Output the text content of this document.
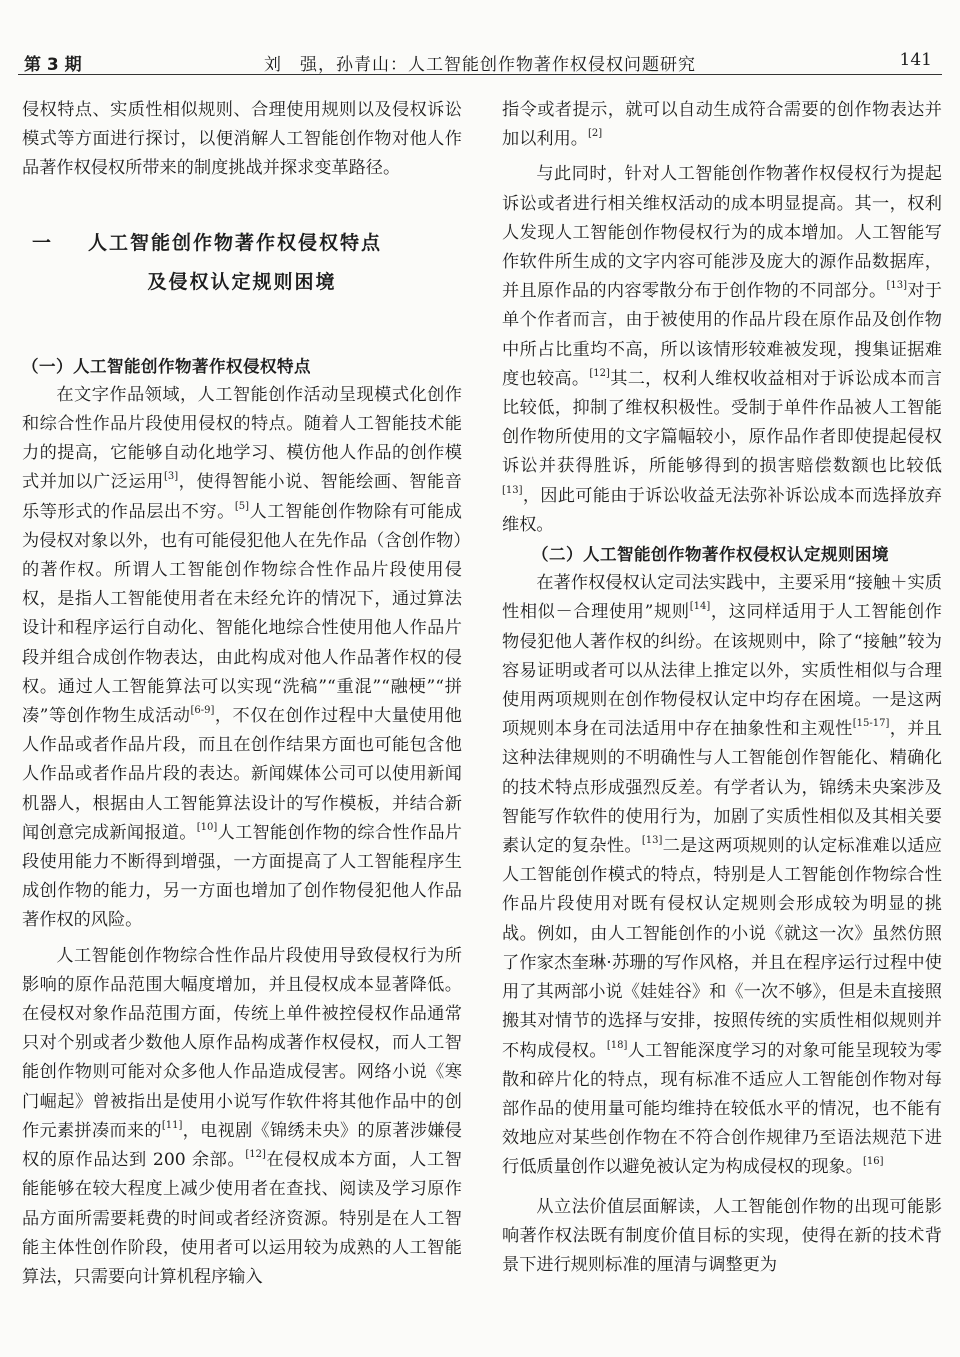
第 3 期	刘　强，孙青山：人工智能创作物著作权侵权问题研究	141

侵权特点、实质性相似规则、合理使用规则以及侵权诉讼模式等方面进行探讨，以便消解人工智能创作物对他人作品著作权侵权所带来的制度挑战并探求变革路径。

一 人工智能创作物著作权侵权特点
及侵权认定规则困境
（一）人工智能创作物著作权侵权特点

在文字作品领域，人工智能创作活动呈现模式化创作和综合性作品片段使用侵权的特点。随着人工智能技术能力的提高，它能够自动化地学习、模仿他人作品的创作模式并加以广泛运用[3]，使得智能小说、智能绘画、智能音乐等形式的作品层出不穷。[5]人工智能创作物除有可能成为侵权对象以外，也有可能侵犯他人在先作品（含创作物）的著作权。所谓人工智能创作物综合性作品片段使用侵权，是指人工智能使用者在未经允许的情况下，通过算法设计和程序运行自动化、智能化地综合性使用他人作品片段并组合成创作物表达，由此构成对他人作品著作权的侵权。通过人工智能算法可以实现“洗稿”“重混”“融梗”“拼凑”等创作物生成活动[6-9]，不仅在创作过程中大量使用他人作品或者作品片段，而且在创作结果方面也可能包含他人作品或者作品片段的表达。新闻媒体公司可以使用新闻机器人，根据由人工智能算法设计的写作模板，并结合新闻创意完成新闻报道。[10]人工智能创作物的综合性作品片段使用能力不断得到增强，一方面提高了人工智能程序生成创作物的能力，另一方面也增加了创作物侵犯他人作品著作权的风险。

人工智能创作物综合性作品片段使用导致侵权行为所影响的原作品范围大幅度增加，并且侵权成本显著降低。在侵权对象作品范围方面，传统上单件被控侵权作品通常只对个别或者少数他人原作品构成著作权侵权，而人工智能创作物则可能对众多他人作品造成侵害。网络小说《寒门崛起》曾被指出是使用小说写作软件将其他作品中的创作元素拼凑而来的[11]，电视剧《锦绣未央》的原著涉嫌侵权的原作品达到 200 余部。[12]在侵权成本方面，人工智能能够在较大程度上减少使用者在查找、阅读及学习原作品方面所需要耗费的时间或者经济资源。特别是在人工智能主体性创作阶段，使用者可以运用较为成熟的人工智能算法，只需要向计算机程序输入

指令或者提示，就可以自动生成符合需要的创作物表达并加以利用。[2]

与此同时，针对人工智能创作物著作权侵权行为提起诉讼或者进行相关维权活动的成本明显提高。其一，权利人发现人工智能创作物侵权行为的成本增加。人工智能写作软件所生成的文字内容可能涉及庞大的源作品数据库，并且原作品的内容零散分布于创作物的不同部分。[13]对于单个作者而言，由于被使用的作品片段在原作品及创作物中所占比重均不高，所以该情形较难被发现，搜集证据难度也较高。[12]其二，权利人维权收益相对于诉讼成本而言比较低，抑制了维权积极性。受制于单件作品被人工智能创作物所使用的文字篇幅较小，原作品作者即使提起侵权诉讼并获得胜诉，所能够得到的损害赔偿数额也比较低[13]，因此可能由于诉讼收益无法弥补诉讼成本而选择放弃维权。

（二）人工智能创作物著作权侵权认定规则困境

在著作权侵权认定司法实践中，主要采用“接触＋实质性相似－合理使用”规则[14]，这同样适用于人工智能创作物侵犯他人著作权的纠纷。在该规则中，除了“接触”较为容易证明或者可以从法律上推定以外，实质性相似与合理使用两项规则在创作物侵权认定中均存在困境。一是这两项规则本身在司法适用中存在抽象性和主观性[15-17]，并且这种法律规则的不明确性与人工智能创作智能化、精确化的技术特点形成强烈反差。有学者认为，锦绣未央案涉及智能写作软件的使用行为，加剧了实质性相似及其相关要素认定的复杂性。[13]二是这两项规则的认定标准难以适应人工智能创作模式的特点，特别是人工智能创作物综合性作品片段使用对既有侵权认定规则会形成较为明显的挑战。例如，由人工智能创作的小说《就这一次》虽然仿照了作家杰奎琳·苏珊的写作风格，并且在程序运行过程中使用了其两部小说《娃娃谷》和《一次不够》，但是未直接照搬其对情节的选择与安排，按照传统的实质性相似规则并不构成侵权。[18]人工智能深度学习的对象可能呈现较为零散和碎片化的特点，现有标准不适应人工智能创作物对每部作品的使用量可能均维持在较低水平的情况，也不能有效地应对某些创作物在不符合创作规律乃至语法规范下进行低质量创作以避免被认定为构成侵权的现象。[16]

从立法价值层面解读，人工智能创作物的出现可能影响著作权法既有制度价值目标的实现，使得在新的技术背景下进行规则标准的厘清与调整更为
